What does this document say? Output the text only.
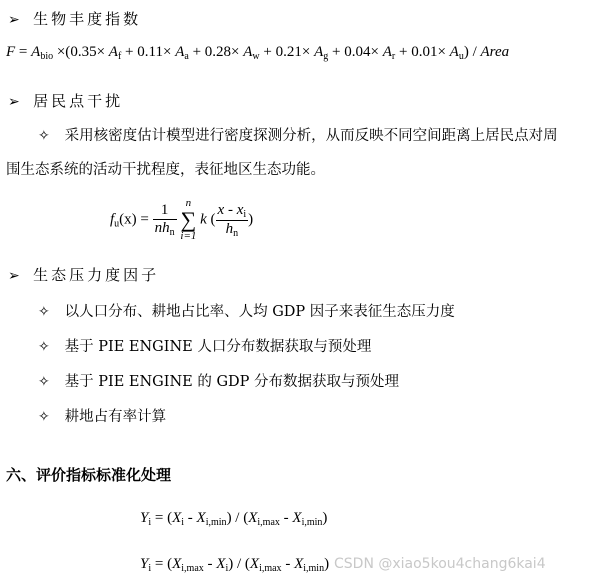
➢ 生物丰度指数
$F = A_{bio} \times(0.35\times A_f + 0.11\times A_a + 0.28\times A_w + 0.21\times A_g + 0.04\times A_r + 0.01\times A_u)$ / Area
➢ 居民点干扰
✧ 采用核密度估计模型进行密度探测分析，从而反映不同空间距离上居民点对周
围生态系统的活动干扰程度，表征地区生态功能。
$f_u(x) = \frac{1}{nh_n}$ n
∑
i=1 k ( $\frac{x - x_i}{h_n}$ )
➢ 生态压力度因子
✧ 以人口分布、耕地占比率、人均 GDP 因子来表征生态压力度
✧ 基于 PIE ENGINE 人口分布数据获取与预处理
✧ 基于 PIE ENGINE 的 GDP 分布数据获取与预处理
✧ 耕地占有率计算
六、评价指标标准化处理
$Y_i = (X_i - X_{i,min}) / (X_{i,max} - X_{i,min})$
$Y_i = (X_{i,max} - X_i) / (X_{i,max} - X_{i,min})$ CSDN @xiao5kou4chang6kai4
